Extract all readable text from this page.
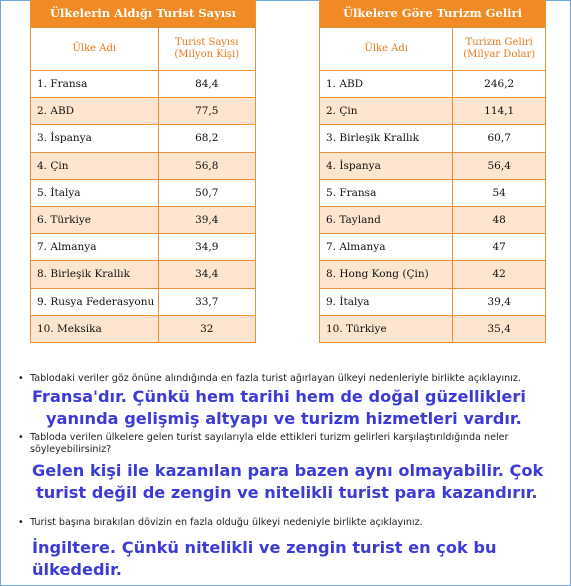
Ülkelerin Aldığı Turist Sayısı	
Ülke Adı	Turist Sayısı
(Milyon Kişi)
1. Fransa	84,4
2. ABD	77,5
3. İspanya	68,2
4. Çin	56,8
5. İtalya	50,7
6. Türkiye	39,4
7. Almanya	34,9
8. Birleşik Krallık	34,4
9. Rusya Federasyonu	33,7
10. Meksika	32
Ülkelere Göre Turizm Geliri	
Ülke Adı	Turizm Geliri
(Milyar Dolar)
1. ABD	246,2
2. Çin	114,1
3. Birleşik Krallık	60,7
4. İspanya	56,4
5. Fransa	54
6. Tayland	48
7. Almanya	47
8. Hong Kong (Çin)	42
9. İtalya	39,4
10. Türkiye	35,4
• Tablodaki veriler göz önüne alındığında en fazla turist ağırlayan ülkeyi nedenleriyle birlikte açıklayınız.
Fransa'dır. Çünkü hem tarihi hem de doğal güzellikleri
yanında gelişmiş altyapı ve turizm hizmetleri vardır.
• Tabloda verilen ülkelere gelen turist sayılarıyla elde ettikleri turizm gelirleri karşılaştırıldığında neler
söyleyebilirsiniz?
Gelen kişi ile kazanılan para bazen aynı olmayabilir. Çok
turist değil de zengin ve nitelikli turist para kazandırır.
• Turist başına bırakılan dövizin en fazla olduğu ülkeyi nedeniyle birlikte açıklayınız.
İngiltere. Çünkü nitelikli ve zengin turist en çok bu
ülkededir.
